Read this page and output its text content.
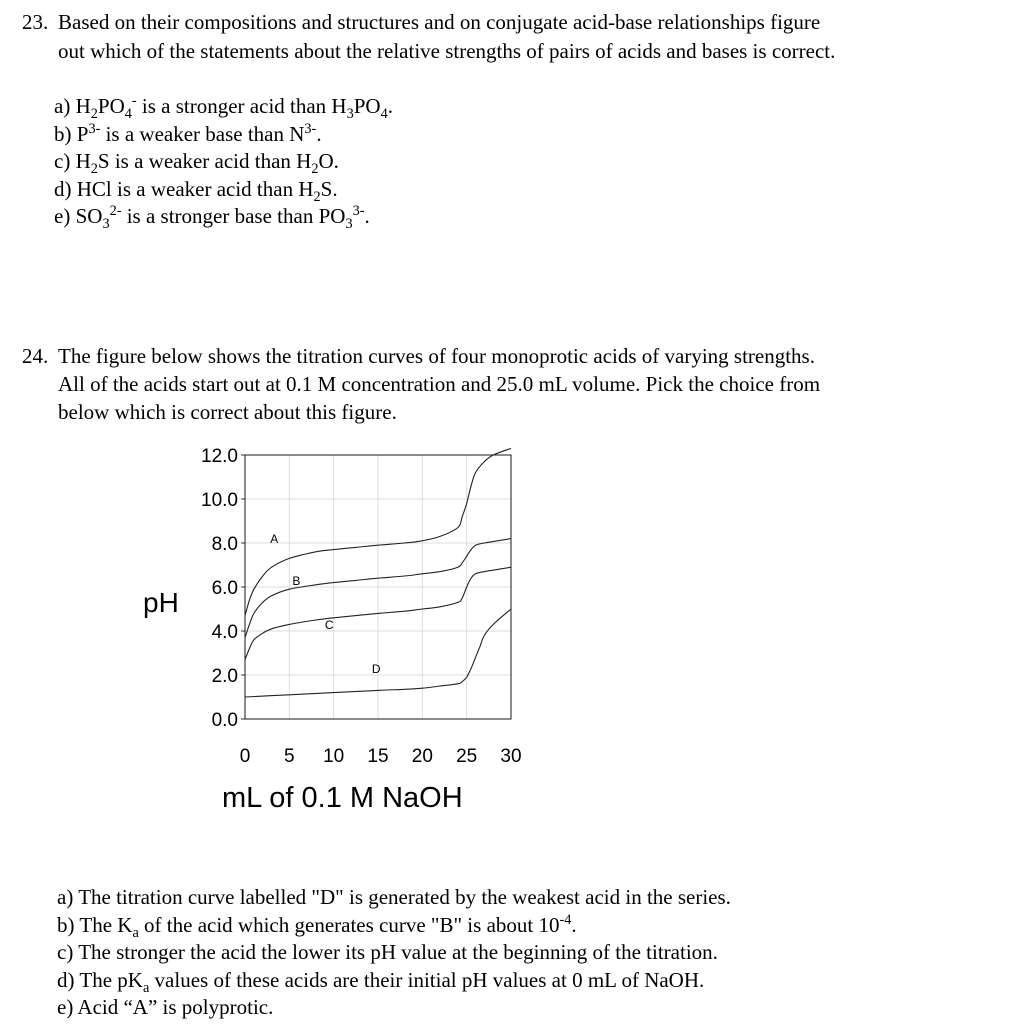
23. Based on their compositions and structures and on conjugate acid-base relationships figure
out which of the statements about the relative strengths of pairs of acids and bases is correct.
a) $H_2PO_4^-$ is a stronger acid than $H_3PO_4$.
b) $P^{3-}$ is a weaker base than $N^{3-}$.
c) $H_2S$ is a weaker acid than $H_2O$.
d) HCl is a weaker acid than $H_2S$.
e) $SO_3^{2-}$ is a stronger base than $PO_3^{3-}$.
24. The figure below shows the titration curves of four monoprotic acids of varying strengths.
All of the acids start out at 0.1 M concentration and 25.0 mL volume. Pick the choice from
below which is correct about this figure.
A
B
C
D
0.0
2.0
4.0
6.0
8.0
10.0
12.0
0 5 10 15 20 25 30
pH
mL of 0.1 M NaOH
a) The titration curve labelled "D" is generated by the weakest acid in the series.
b) The $K_a$ of the acid which generates curve "B" is about $10^{-4}$.
c) The stronger the acid the lower its pH value at the beginning of the titration.
d) The $pK_a$ values of these acids are their initial pH values at 0 mL of NaOH.
e) Acid “A” is polyprotic.
